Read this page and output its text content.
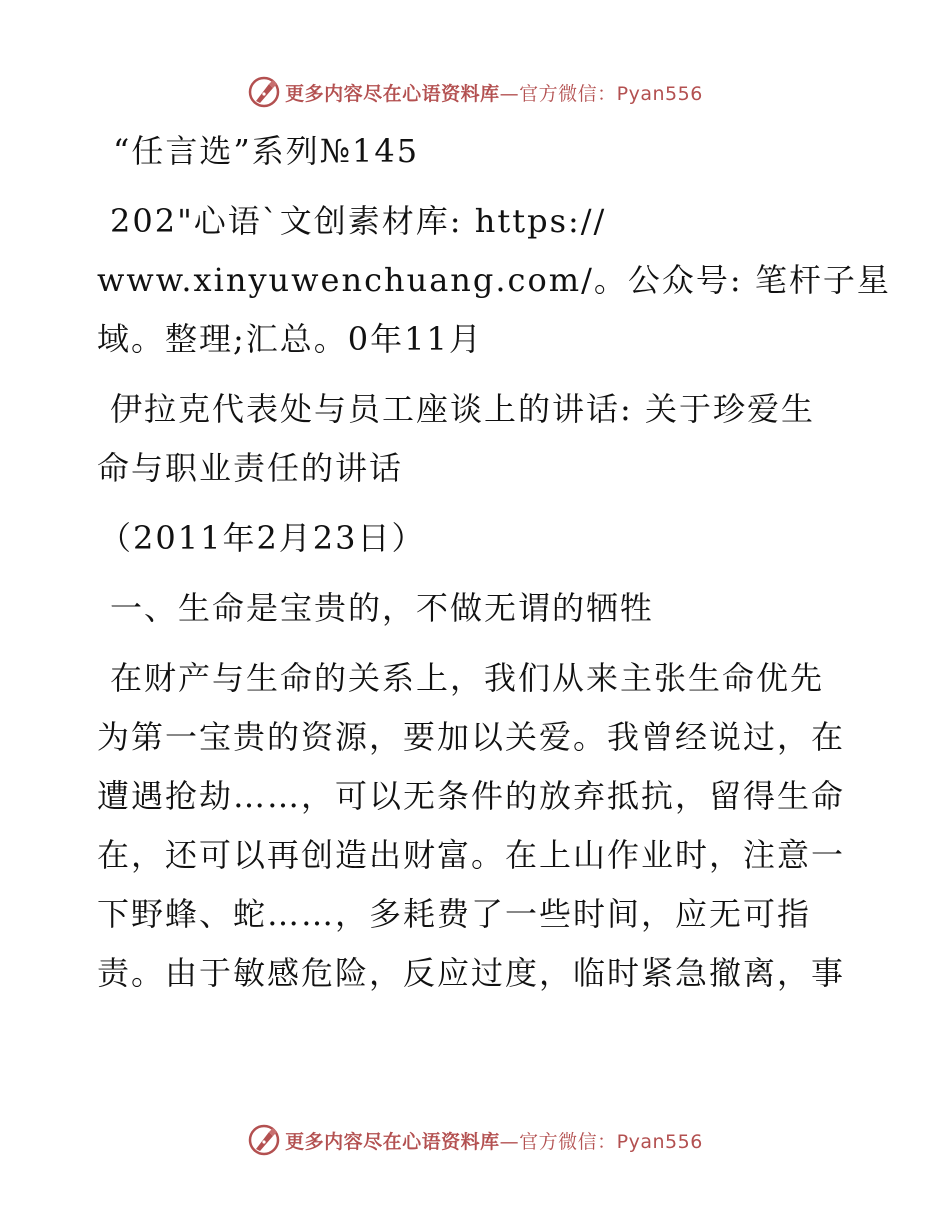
更多内容尽在心语资料库—官方微信：Pyan556

“任言选”系列№145

202"心语`文创素材库: https://

www.xinyuwenchuang.com/。公众号: 笔杆子星

域。整理;汇总。0年11月

伊拉克代表处与员工座谈上的讲话: 关于珍爱生

命与职业责任的讲话

（2011年2月23日）

一、生命是宝贵的，不做无谓的牺牲

在财产与生命的关系上，我们从来主张生命优先

为第一宝贵的资源，要加以关爱。我曾经说过，在

遭遇抢劫……，可以无条件的放弃抵抗，留得生命

在，还可以再创造出财富。在上山作业时，注意一

下野蜂、蛇……，多耗费了一些时间，应无可指

责。由于敏感危险，反应过度，临时紧急撤离，事

更多内容尽在心语资料库—官方微信：Pyan556
